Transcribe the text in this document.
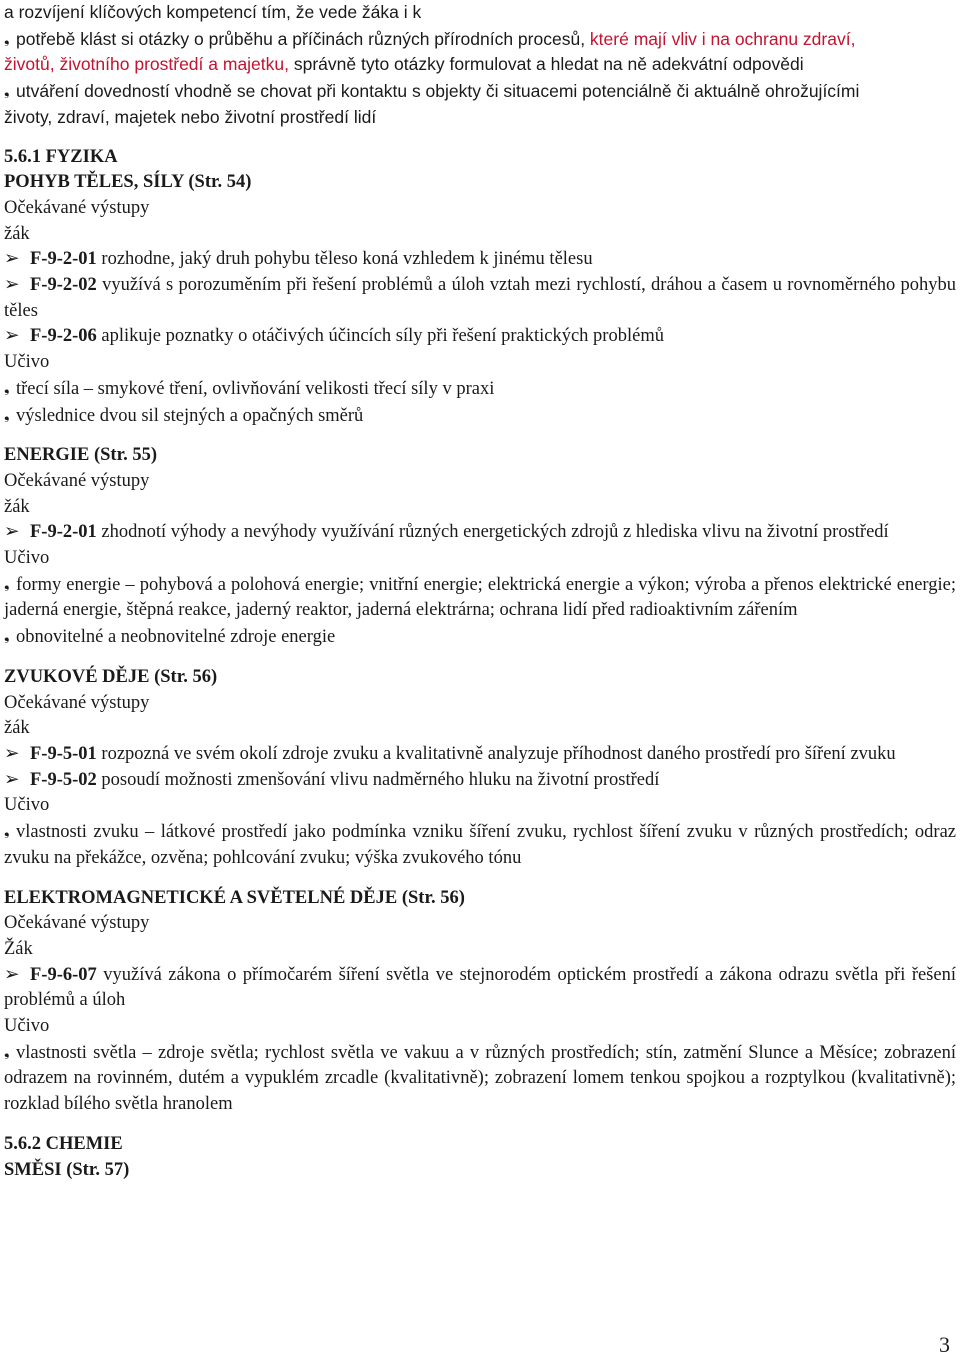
a rozvíjení klíčových kompetencí tím, že vede žáka i k

❟ potřebě klást si otázky o průběhu a příčinách různých přírodních procesů, které mají vliv i na ochranu zdraví,

životů, životního prostředí a majetku, správně tyto otázky formulovat a hledat na ně adekvátní odpovědi

❟ utváření dovedností vhodně se chovat při kontaktu s objekty či situacemi potenciálně či aktuálně ohrožujícími

životy, zdraví, majetek nebo životní prostředí lidí

5.6.1 FYZIKA

POHYB TĚLES, SÍLY (Str. 54)

Očekávané výstupy

žák

➢ F-9-2-01 rozhodne, jaký druh pohybu těleso koná vzhledem k jinému tělesu

➢ F-9-2-02 využívá s porozuměním při řešení problémů a úloh vztah mezi rychlostí, dráhou a časem u rovnoměrného pohybu těles

➢ F-9-2-06 aplikuje poznatky o otáčivých účincích síly při řešení praktických problémů

Učivo

❟ třecí síla – smykové tření, ovlivňování velikosti třecí síly v praxi

❟ výslednice dvou sil stejných a opačných směrů

ENERGIE (Str. 55)

Očekávané výstupy

žák

➢ F-9-2-01 zhodnotí výhody a nevýhody využívání různých energetických zdrojů z hlediska vlivu na životní prostředí

Učivo

❟ formy energie – pohybová a polohová energie; vnitřní energie; elektrická energie a výkon; výroba a přenos elektrické energie; jaderná energie, štěpná reakce, jaderný reaktor, jaderná elektrárna; ochrana lidí před radioaktivním zářením

❟ obnovitelné a neobnovitelné zdroje energie

ZVUKOVÉ DĚJE (Str. 56)

Očekávané výstupy

žák

➢ F-9-5-01 rozpozná ve svém okolí zdroje zvuku a kvalitativně analyzuje příhodnost daného prostředí pro šíření zvuku

➢ F-9-5-02 posoudí možnosti zmenšování vlivu nadměrného hluku na životní prostředí

Učivo

❟ vlastnosti zvuku – látkové prostředí jako podmínka vzniku šíření zvuku, rychlost šíření zvuku v různých prostředích; odraz zvuku na překážce, ozvěna; pohlcování zvuku; výška zvukového tónu

ELEKTROMAGNETICKÉ A SVĚTELNÉ DĚJE (Str. 56)

Očekávané výstupy

Žák

➢ F-9-6-07 využívá zákona o přímočarém šíření světla ve stejnorodém optickém prostředí a zákona odrazu světla při řešení problémů a úloh

Učivo

❟ vlastnosti světla – zdroje světla; rychlost světla ve vakuu a v různých prostředích; stín, zatmění Slunce a Měsíce; zobrazení odrazem na rovinném, dutém a vypuklém zrcadle (kvalitativně); zobrazení lomem tenkou spojkou a rozptylkou (kvalitativně); rozklad bílého světla hranolem

5.6.2 CHEMIE

SMĚSI (Str. 57)

3
